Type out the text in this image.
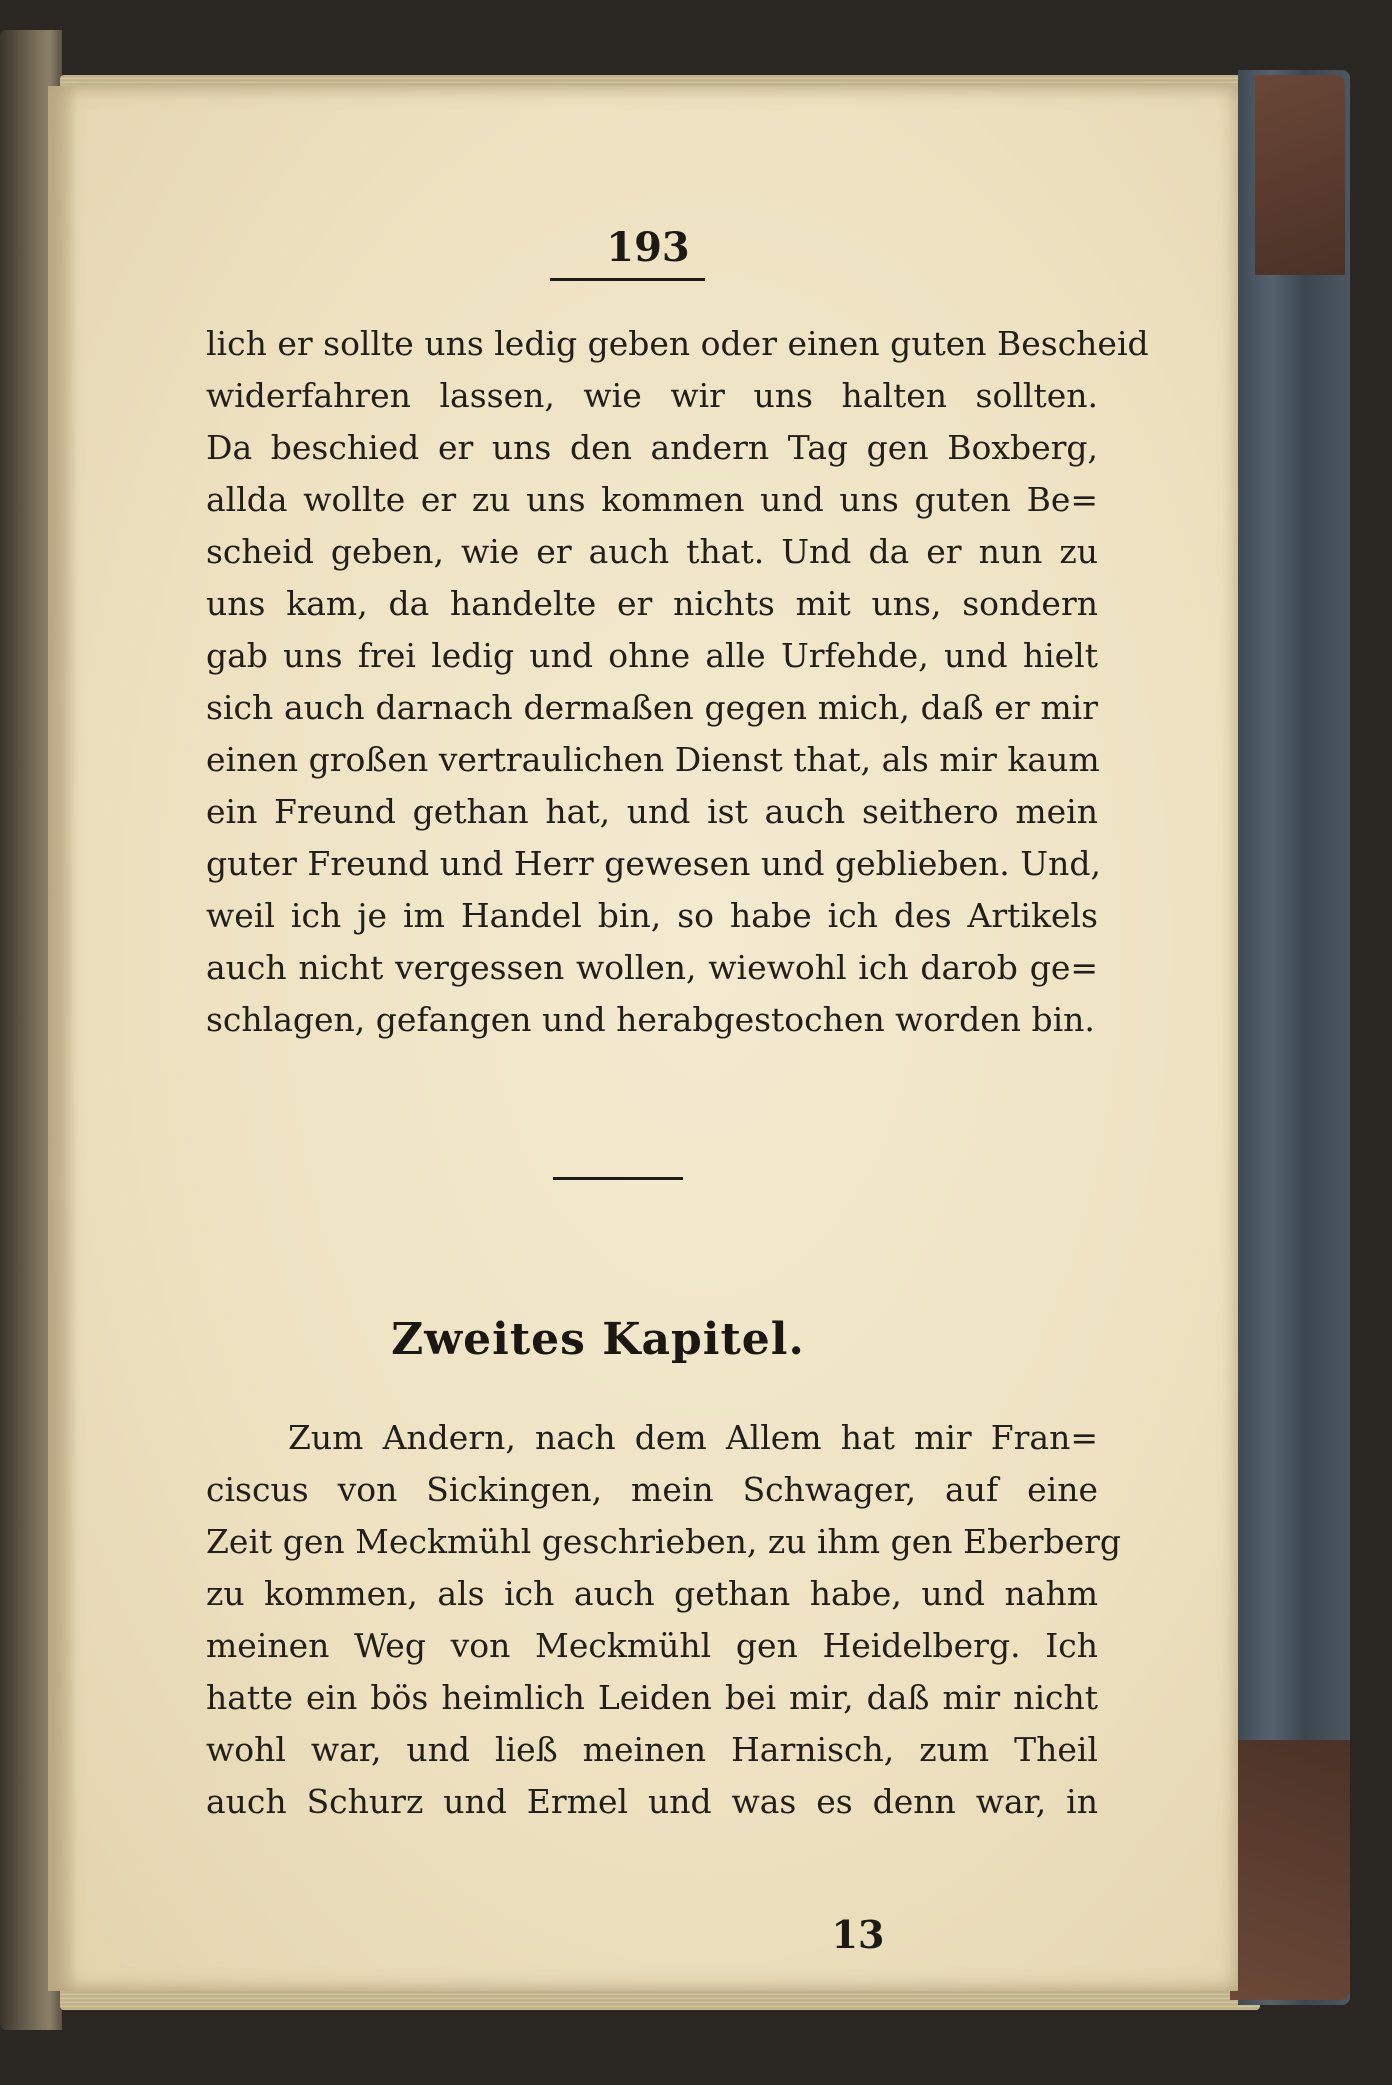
193
lich er sollte uns ledig geben oder einen guten Bescheid
widerfahren lassen, wie wir uns halten sollten.
Da beschied er uns den andern Tag gen Boxberg,
allda wollte er zu uns kommen und uns guten Be=
scheid geben, wie er auch that. Und da er nun zu
uns kam, da handelte er nichts mit uns, sondern
gab uns frei ledig und ohne alle Urfehde, und hielt
sich auch darnach dermaßen gegen mich, daß er mir
einen großen vertraulichen Dienst that, als mir kaum
ein Freund gethan hat, und ist auch seithero mein
guter Freund und Herr gewesen und geblieben. Und,
weil ich je im Handel bin, so habe ich des Artikels
auch nicht vergessen wollen, wiewohl ich darob ge=
schlagen, gefangen und herabgestochen worden bin.
Zweites Kapitel.
Zum Andern, nach dem Allem hat mir Fran=
ciscus von Sickingen, mein Schwager, auf eine
Zeit gen Meckmühl geschrieben, zu ihm gen Eberberg
zu kommen, als ich auch gethan habe, und nahm
meinen Weg von Meckmühl gen Heidelberg. Ich
hatte ein bös heimlich Leiden bei mir, daß mir nicht
wohl war, und ließ meinen Harnisch, zum Theil
auch Schurz und Ermel und was es denn war, in
13
